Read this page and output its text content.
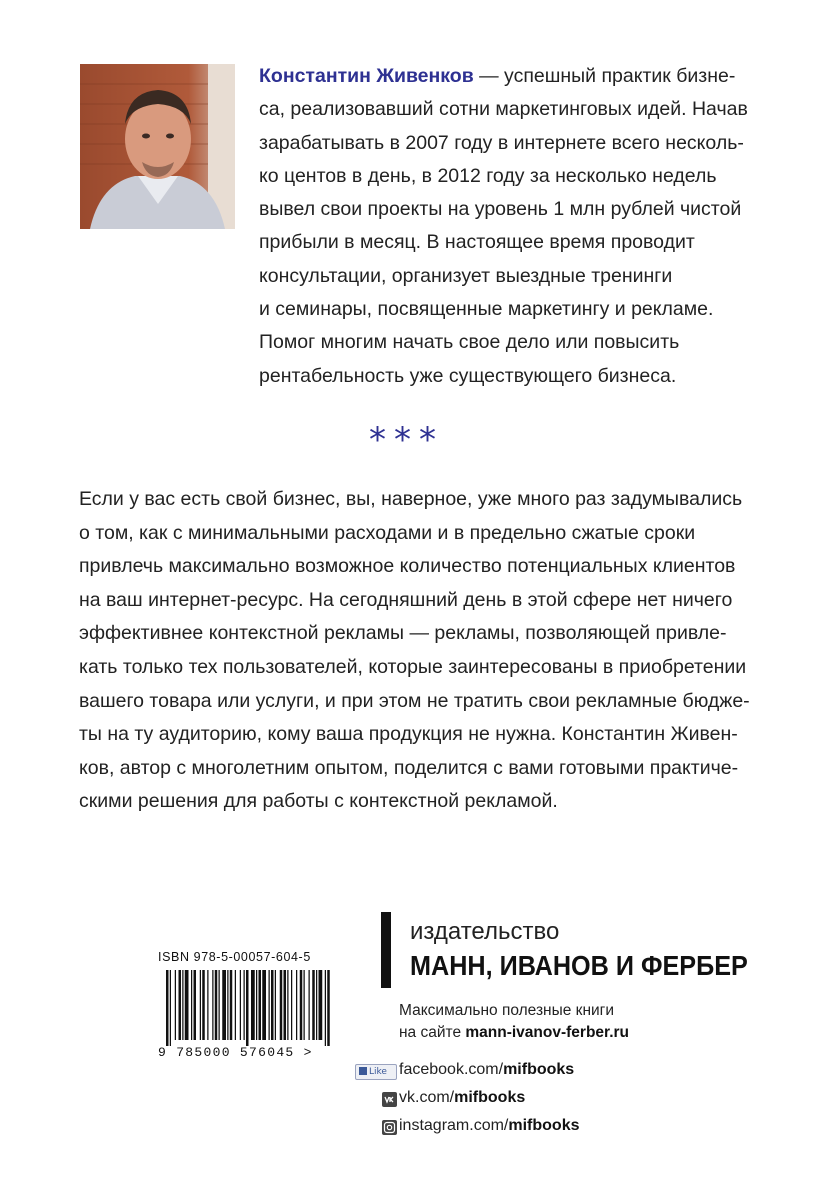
Константин Живенков — успешный практик бизне-
са, реализовавший сотни маркетинговых идей. Начав
зарабатывать в 2007 году в интернете всего несколь-
ко центов в день, в 2012 году за несколько недель
вывел свои проекты на уровень 1 млн рублей чистой
прибыли в месяц. В настоящее время проводит
консультации, организует выездные тренинги
и семинары, посвященные маркетингу и рекламе.
Помог многим начать свое дело или повысить
рентабельность уже существующего бизнеса.
***
Если у вас есть свой бизнес, вы, наверное, уже много раз задумывались
о том, как с минимальными расходами и в предельно сжатые сроки
привлечь максимально возможное количество потенциальных клиентов
на ваш интернет-ресурс. На сегодняшний день в этой сфере нет ничего
эффективнее контекстной рекламы — рекламы, позволяющей привле-
кать только тех пользователей, которые заинтересованы в приобретении
вашего товара или услуги, и при этом не тратить свои рекламные бюдже-
ты на ту аудиторию, кому ваша продукция не нужна. Константин Живен-
ков, автор с многолетним опытом, поделится с вами готовыми практиче-
скими решения для работы с контекстной рекламой.
ISBN 978-5-00057-604-5
9 785000 576045 >
издательство
МАНН, ИВАНОВ И ФЕРБЕР
Максимально полезные книги
на сайте mann-ivanov-ferber.ru
Like facebook.com/mifbooks
vk.com/mifbooks
instagram.com/mifbooks
